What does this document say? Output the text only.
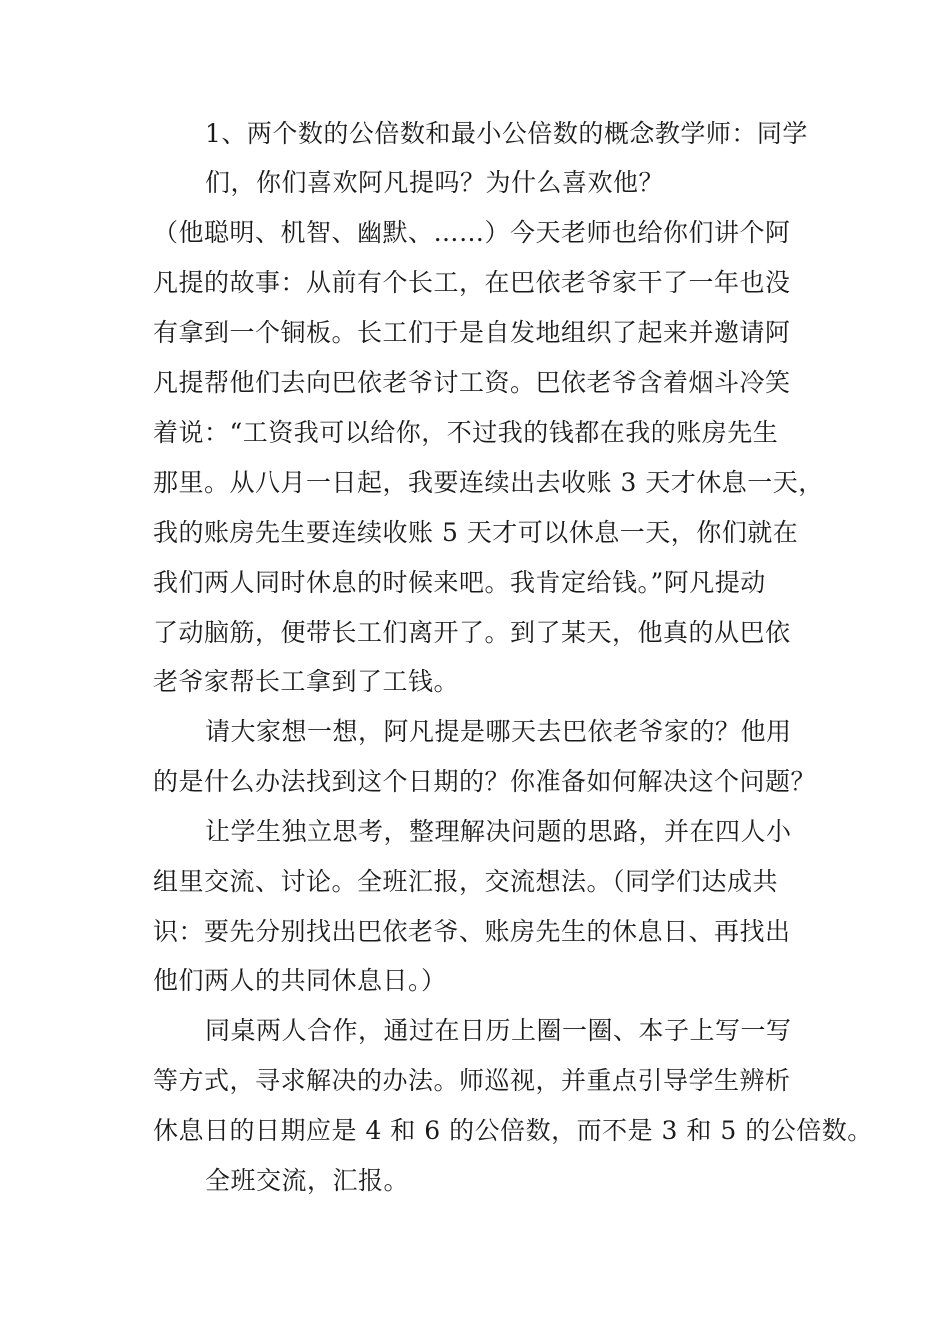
1、两个数的公倍数和最小公倍数的概念教学师：同学
们，你们喜欢阿凡提吗？为什么喜欢他？
（他聪明、机智、幽默、……）今天老师也给你们讲个阿
凡提的故事：从前有个长工，在巴依老爷家干了一年也没
有拿到一个铜板。长工们于是自发地组织了起来并邀请阿
凡提帮他们去向巴依老爷讨工资。巴依老爷含着烟斗冷笑
着说：“工资我可以给你，不过我的钱都在我的账房先生
那里。从八月一日起，我要连续出去收账 3 天才休息一天，
我的账房先生要连续收账 5 天才可以休息一天，你们就在
我们两人同时休息的时候来吧。我肯定给钱。”阿凡提动
了动脑筋，便带长工们离开了。到了某天，他真的从巴依
老爷家帮长工拿到了工钱。
请大家想一想，阿凡提是哪天去巴依老爷家的？他用
的是什么办法找到这个日期的？你准备如何解决这个问题？
让学生独立思考，整理解决问题的思路，并在四人小
组里交流、讨论。全班汇报，交流想法。（同学们达成共
识：要先分别找出巴依老爷、账房先生的休息日、再找出
他们两人的共同休息日。）
同桌两人合作，通过在日历上圈一圈、本子上写一写
等方式，寻求解决的办法。师巡视，并重点引导学生辨析
休息日的日期应是 4 和 6 的公倍数，而不是 3 和 5 的公倍数。
全班交流，汇报。
